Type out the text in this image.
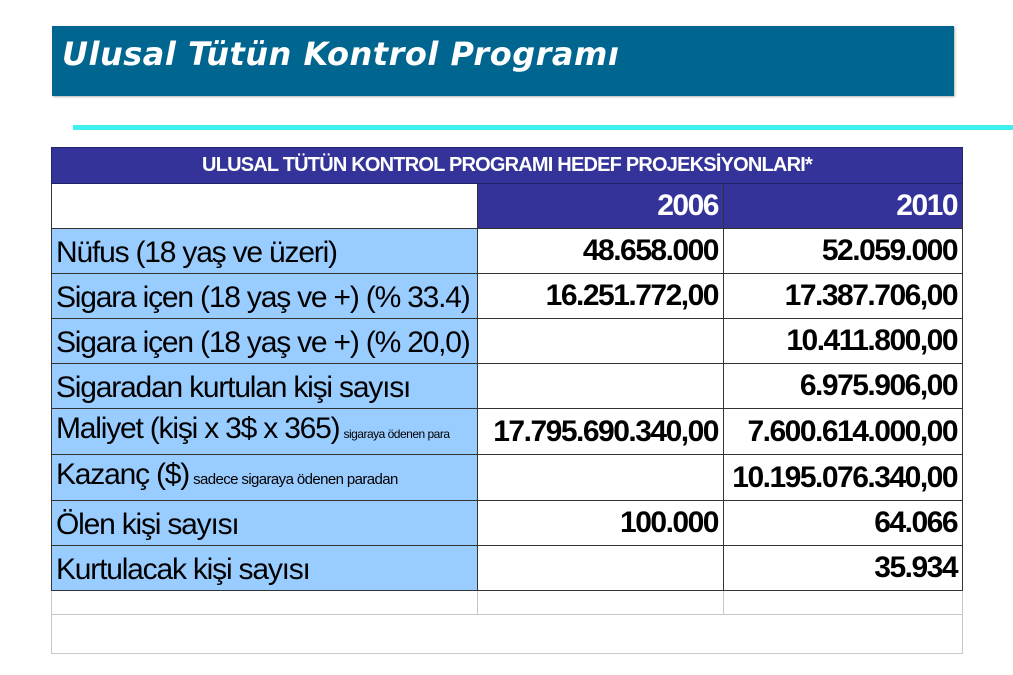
Ulusal Tütün Kontrol Programı
ULUSAL TÜTÜN KONTROL PROGRAMI HEDEF PROJEKSİYONLARI*		
	2006	2010
Nüfus (18 yaş ve üzeri)	48.658.000	52.059.000
Sigara içen (18 yaş ve +) (% 33.4)	16.251.772,00	17.387.706,00
Sigara içen (18 yaş ve +) (% 20,0)		10.411.800,00
Sigaradan kurtulan kişi sayısı		6.975.906,00
Maliyet (kişi x 3$ x 365) sigaraya ödenen para	17.795.690.340,00	7.600.614.000,00
Kazanç ($) sadece sigaraya ödenen paradan		10.195.076.340,00
Ölen kişi sayısı	100.000	64.066
Kurtulacak kişi sayısı		35.934
